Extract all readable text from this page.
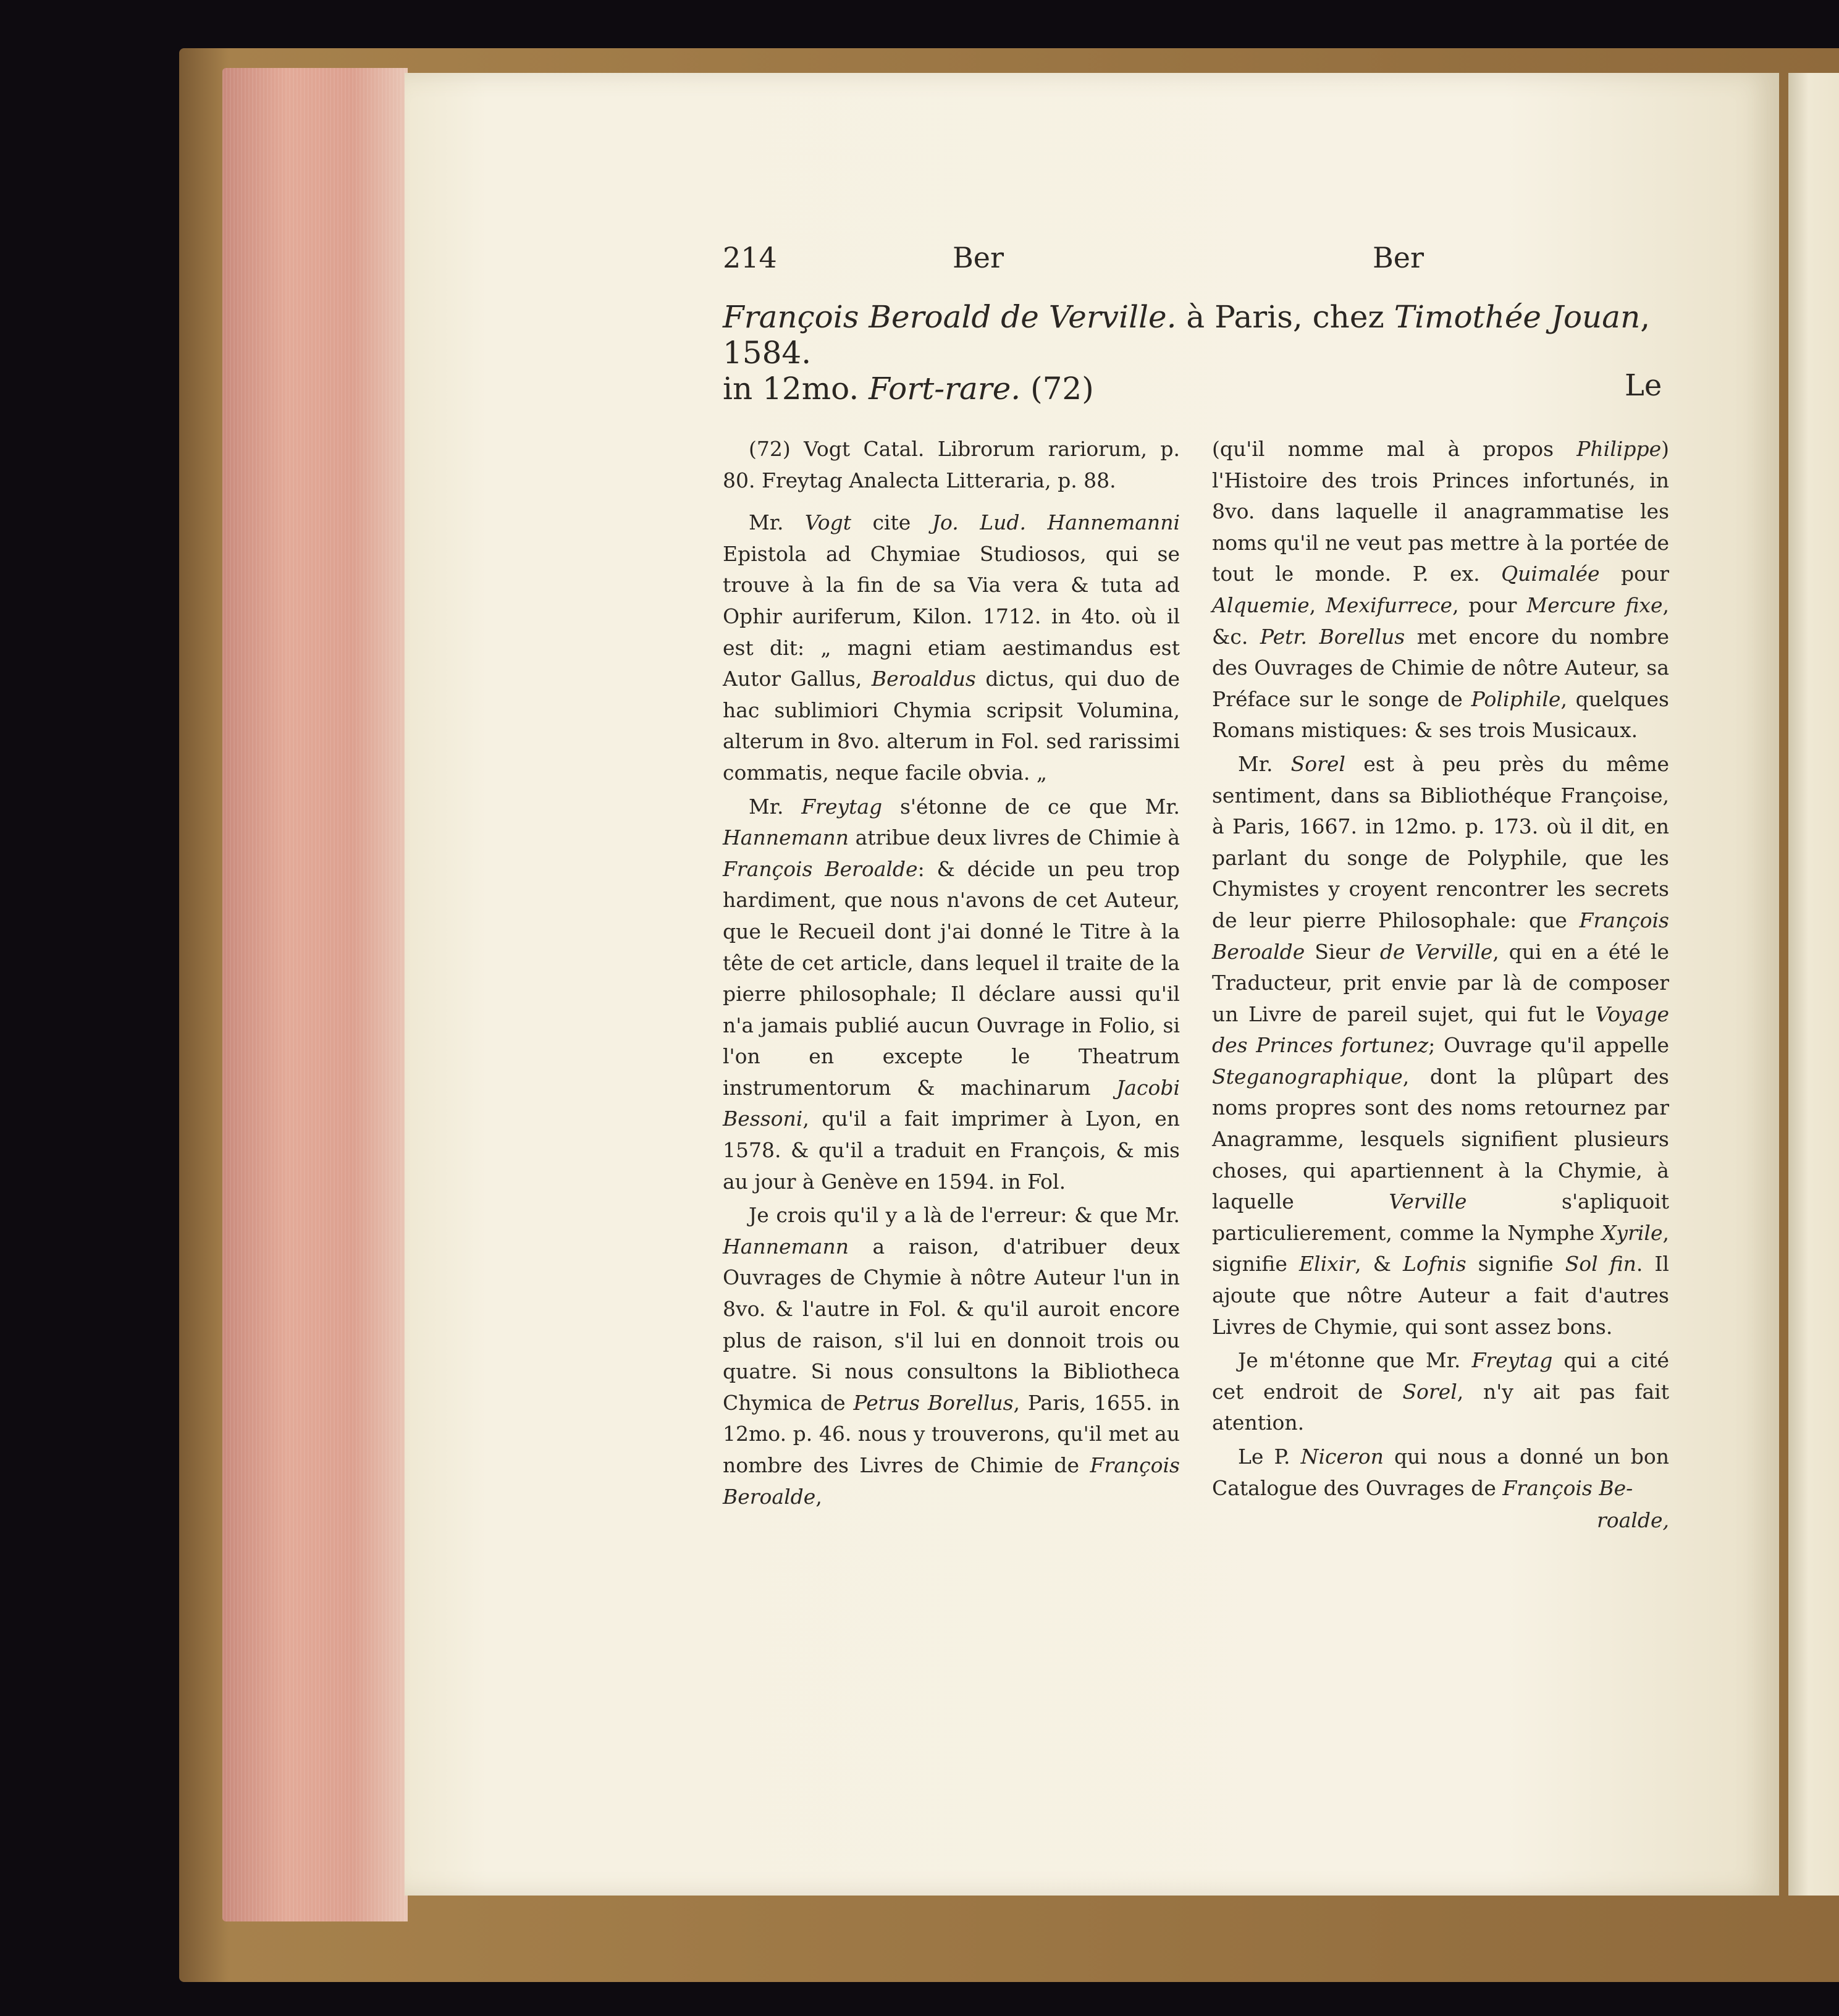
214	Ber	Ber
François Beroald de Verville. à Paris, chez Timothée Jouan, 1584.
in 12mo. Fort-rare. (72)	Le

(72) Vogt Catal. Librorum rariorum, p. 80. Freytag Analecta Litteraria, p. 88.

Mr. Vogt cite Jo. Lud. Hannemanni Epistola ad Chymiae Studiosos, qui se trouve à la fin de sa Via vera & tuta ad Ophir auriferum, Kilon. 1712. in 4to. où il est dit: „ magni etiam aestimandus est Autor Gallus, Beroaldus dictus, qui duo de hac sublimiori Chymia scripsit Volumina, alterum in 8vo. alterum in Fol. sed rarissimi commatis, neque facile obvia. „

Mr. Freytag s'étonne de ce que Mr. Hannemann atribue deux livres de Chimie à François Beroalde: & décide un peu trop hardiment, que nous n'avons de cet Auteur, que le Recueil dont j'ai donné le Titre à la tête de cet article, dans lequel il traite de la pierre philosophale; Il déclare aussi qu'il n'a jamais publié aucun Ouvrage in Folio, si l'on en excepte le Theatrum instrumentorum & machinarum Jacobi Bessoni, qu'il a fait imprimer à Lyon, en 1578. & qu'il a traduit en François, & mis au jour à Genève en 1594. in Fol.

Je crois qu'il y a là de l'erreur: & que Mr. Hannemann a raison, d'atribuer deux Ouvrages de Chymie à nôtre Auteur l'un in 8vo. & l'autre in Fol. & qu'il auroit encore plus de raison, s'il lui en donnoit trois ou quatre. Si nous consultons la Bibliotheca Chymica de Petrus Borellus, Paris, 1655. in 12mo. p. 46. nous y trouverons, qu'il met au nombre des Livres de Chimie de François Beroalde,

(qu'il nomme mal à propos Philippe) l'Histoire des trois Princes infortunés, in 8vo. dans laquelle il anagrammatise les noms qu'il ne veut pas mettre à la portée de tout le monde. P. ex. Quimalée pour Alquemie, Mexifurrece, pour Mercure fixe, &c. Petr. Borellus met encore du nombre des Ouvrages de Chimie de nôtre Auteur, sa Préface sur le songe de Poliphile, quelques Romans mistiques: & ses trois Musicaux.

Mr. Sorel est à peu près du même sentiment, dans sa Bibliothéque Françoise, à Paris, 1667. in 12mo. p. 173. où il dit, en parlant du songe de Polyphile, que les Chymistes y croyent rencontrer les secrets de leur pierre Philosophale: que François Beroalde Sieur de Verville, qui en a été le Traducteur, prit envie par là de composer un Livre de pareil sujet, qui fut le Voyage des Princes fortunez; Ouvrage qu'il appelle Steganographique, dont la plûpart des noms propres sont des noms retournez par Anagramme, lesquels signifient plusieurs choses, qui apartiennent à la Chymie, à laquelle Verville s'apliquoit particulierement, comme la Nymphe Xyrile, signifie Elixir, & Lofnis signifie Sol fin. Il ajoute que nôtre Auteur a fait d'autres Livres de Chymie, qui sont assez bons.

Je m'étonne que Mr. Freytag qui a cité cet endroit de Sorel, n'y ait pas fait atention.

Le P. Niceron qui nous a donné un bon Catalogue des Ouvrages de François Be-

roalde,
